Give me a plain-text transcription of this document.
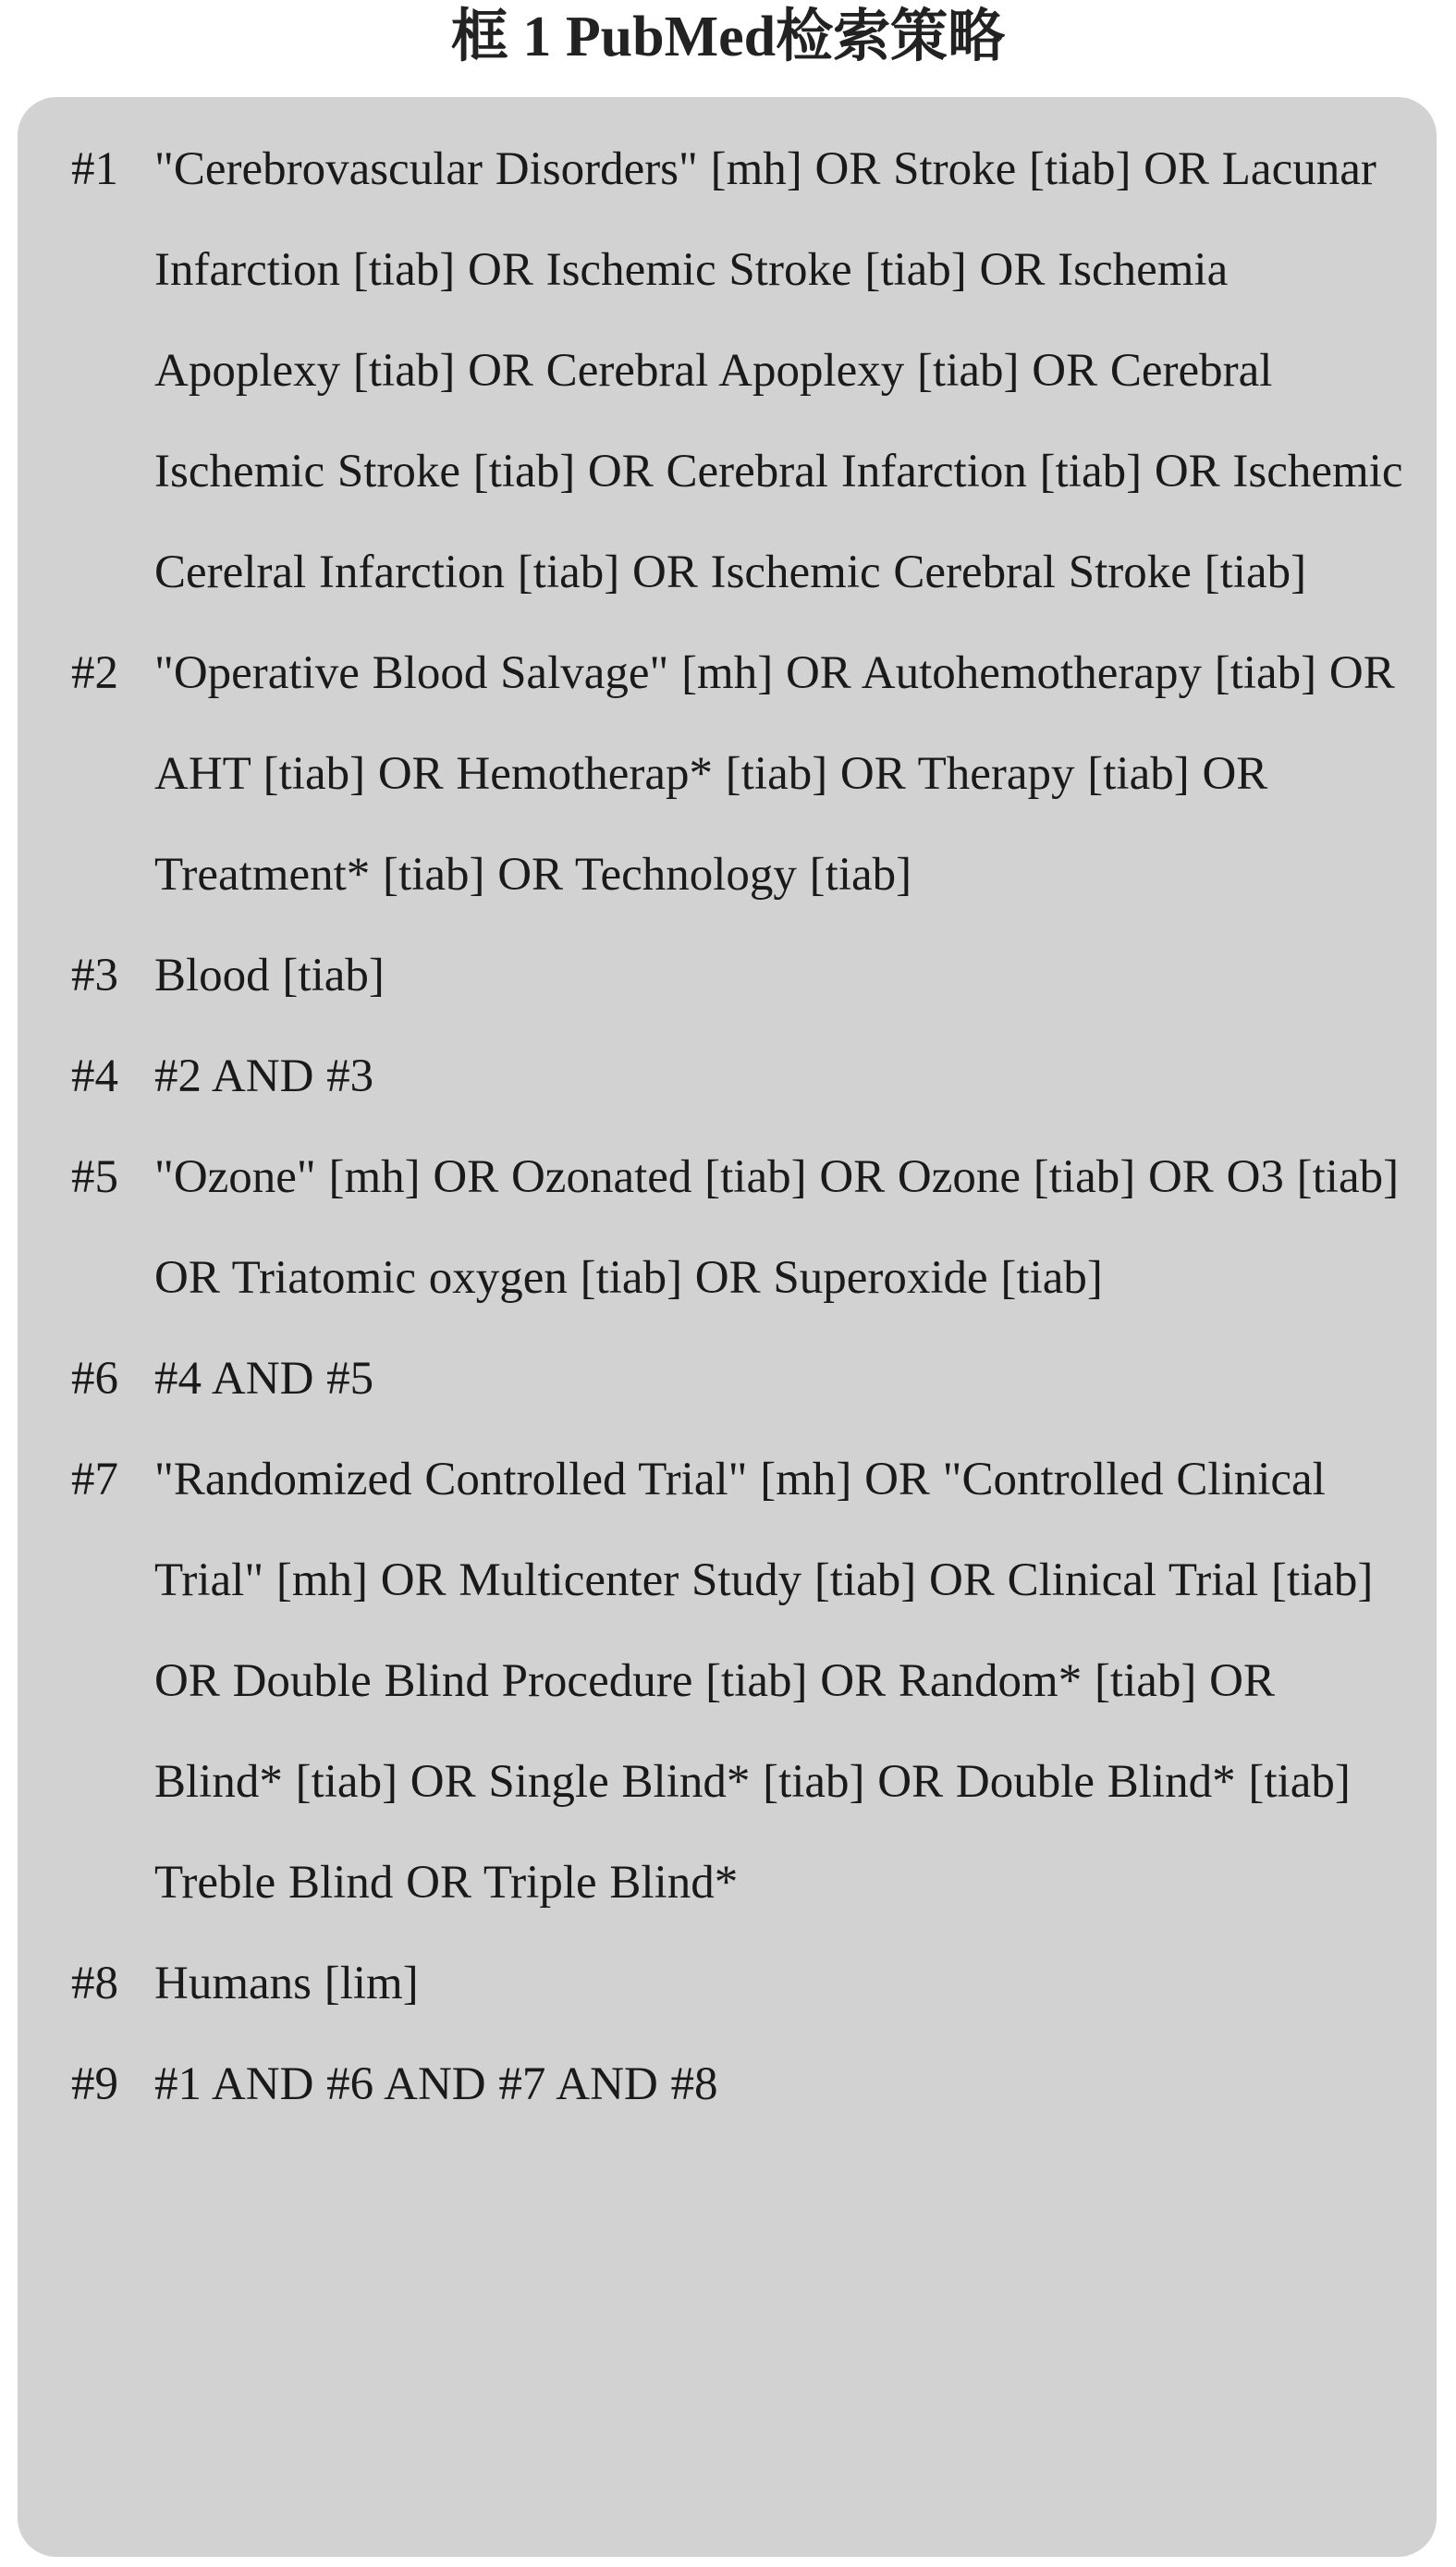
框 1 PubMed检索策略
#1 "Cerebrovascular Disorders" [mh] OR Stroke [tiab] OR Lacunar Infarction [tiab] OR Ischemic Stroke [tiab] OR Ischemia Apoplexy [tiab] OR Cerebral Apoplexy [tiab] OR Cerebral Ischemic Stroke [tiab] OR Cerebral Infarction [tiab] OR Ischemic Cerelral Infarction [tiab] OR Ischemic Cerebral Stroke [tiab]
#2 "Operative Blood Salvage" [mh] OR Autohemotherapy [tiab] OR AHT [tiab] OR Hemotherap* [tiab] OR Therapy [tiab] OR Treatment* [tiab] OR Technology [tiab]
#3 Blood [tiab]
#4 #2 AND #3
#5 "Ozone" [mh] OR Ozonated [tiab] OR Ozone [tiab] OR O3 [tiab] OR Triatomic oxygen [tiab] OR Superoxide [tiab]
#6 #4 AND #5
#7 "Randomized Controlled Trial" [mh] OR "Controlled Clinical Trial" [mh] OR Multicenter Study [tiab] OR Clinical Trial [tiab] OR Double Blind Procedure [tiab] OR Random* [tiab] OR Blind* [tiab] OR Single Blind* [tiab] OR Double Blind* [tiab] Treble Blind OR Triple Blind*
#8 Humans [lim]
#9 #1 AND #6 AND #7 AND #8
